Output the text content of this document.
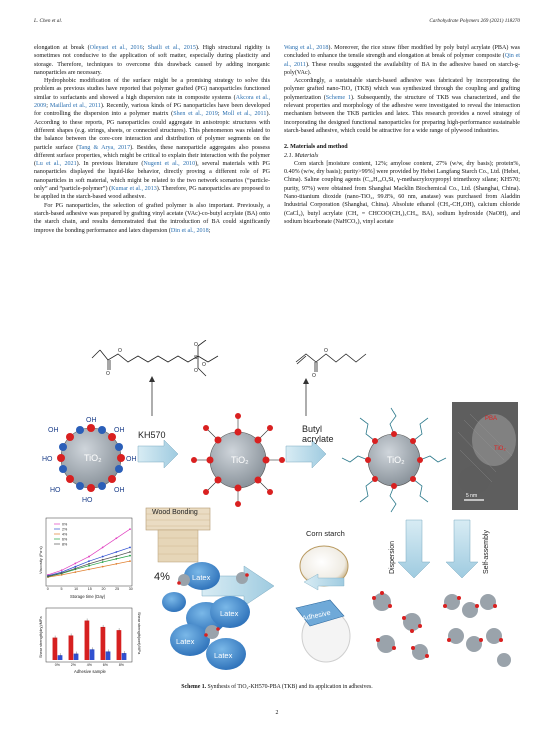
L. Chen et al.	Carbohydrate Polymers 269 (2021) 118270

elongation at break (Oleyaei et al., 2016; Shaili et al., 2015). High structural rigidity is sometimes not conducive to the application of soft matter, especially during plasticity and storage. Therefore, techniques to overcome this drawback caused by adding inorganic nanoparticles are necessary.

Hydrophobic modification of the surface might be a promising strategy to solve this problem as previous studies have reported that polymer grafted (PG) nanoparticles functioned similar to surfactants and showed a high dispersion rate in composite systems (Akcora et al., 2009; Maillard et al., 2011). Recently, various kinds of PG nanoparticles have been developed for controlling the dispersion into a polymer matrix (Shen et al., 2019; Moll et al., 2011). According to these reports, PG nanoparticles could aggregate in anisotropic structures with different shapes (e.g. strings, sheets, or connected structures). This phenomenon was related to the balance between the core-core interaction and distribution of polymer segments on the particle surface (Tang & Arya, 2017). Besides, these nanoparticle aggregates also possess different surface properties, which might be critical to explain their interaction with the polymer (Lu et al., 2021). In previous literature (Nugent et al., 2010), several materials with PG nanoparticles displayed the liquid-like behavior, directly proving a different role of PG nanoparticles in soft material, which might be related to the two network scenarios (“particle-only” and “particle-polymer”) (Kumar et al., 2013). Therefore, PG nanoparticles are proposed to be applied in the starch-based wood adhesive.

For PG nanoparticles, the selection of grafted polymer is also important. Previously, a starch-based adhesive was prepared by grafting vinyl acetate (VAc)-co-butyl acrylate (BA) onto the starch chain, and results demonstrated that the introduction of BA could significantly improve the bonding performance and latex dispersion (Din et al., 2018;

Wang et al., 2018). Moreover, the rice straw fiber modified by poly butyl acrylate (PBA) was concluded to enhance the tensile strength and elongation at break of polymer composite (Qin et al., 2011). These results suggested the availability of BA in the adhesive based on starch-g-poly(VAc).

Accordingly, a sustainable starch-based adhesive was fabricated by incorporating the polymer grafted nano-TiO₂ (TKB) which was synthesized through the coupling and grafting polymerization (Scheme 1). Subsequently, the structure of TKB was characterized, and the relevant properties and morphology of the adhesive were investigated to reveal the interaction mechanism between the TKB particles and latex. This research provides a novel strategy of incorporating the designed functional nanoparticles for preparing high-performance sustainable starch-based adhesive, which could be attractive for a wide range of plywood industries.

2. Materials and method

2.1. Materials

Corn starch [moisture content, 12%; amylose content, 27% (w/w, dry basis); protein%, 0.40% (w/w, dry basis); purity>99%] were provided by Hebei Langfang Starch Co., Ltd. (Hebei, China). Saline coupling agents (C₁₀H₂₀O₅Si, γ-methacryloxypropyl trimethoxy silane; KH570; purity, 97%) were obtained from Shanghai Macklin Biochemical Co., Ltd. (Shanghai, China). Nano-titanium dioxide (nano-TiO₂, 99.8%, 60 nm, anatase) was purchased from Aladdin Industrial Corporation (Shanghai, China). Absolute ethanol (CH₃-CH₂OH), calcium chloride (CaCl₂), butyl acrylate (CH₂ = CHCOO(CH₂)₃CH₃, BA), sodium hydroxide (NaOH), and sodium bicarbonate (NaHCO₃), vinyl acetate

O
O
Si
O
O
O
O
O
TiO₂
OH
OH
OH
OH
HO
HO
HO
OH	KH570
TiO₂
Butyl
acrylate
TiO₂
PBA
TiO₂
5 nm
Dispersion	Self-assembly
Corn starch
Adhesive
Wood Bonding
Latex
Latex
Latex
Latex
4%
0%
2%
4%
6%
8%
0	5	10	15	20	25	30
Viscosity (Pa·s)
Storage time (Day)
0%	2%	4%	6%	8%
Shear strength(dry)/MPa	Shear strength(wet)/MPa
Adhesive sample
Scheme 1. Synthesis of TiO₂-KH570-PBA (TKB) and its application in adhesives.
2
